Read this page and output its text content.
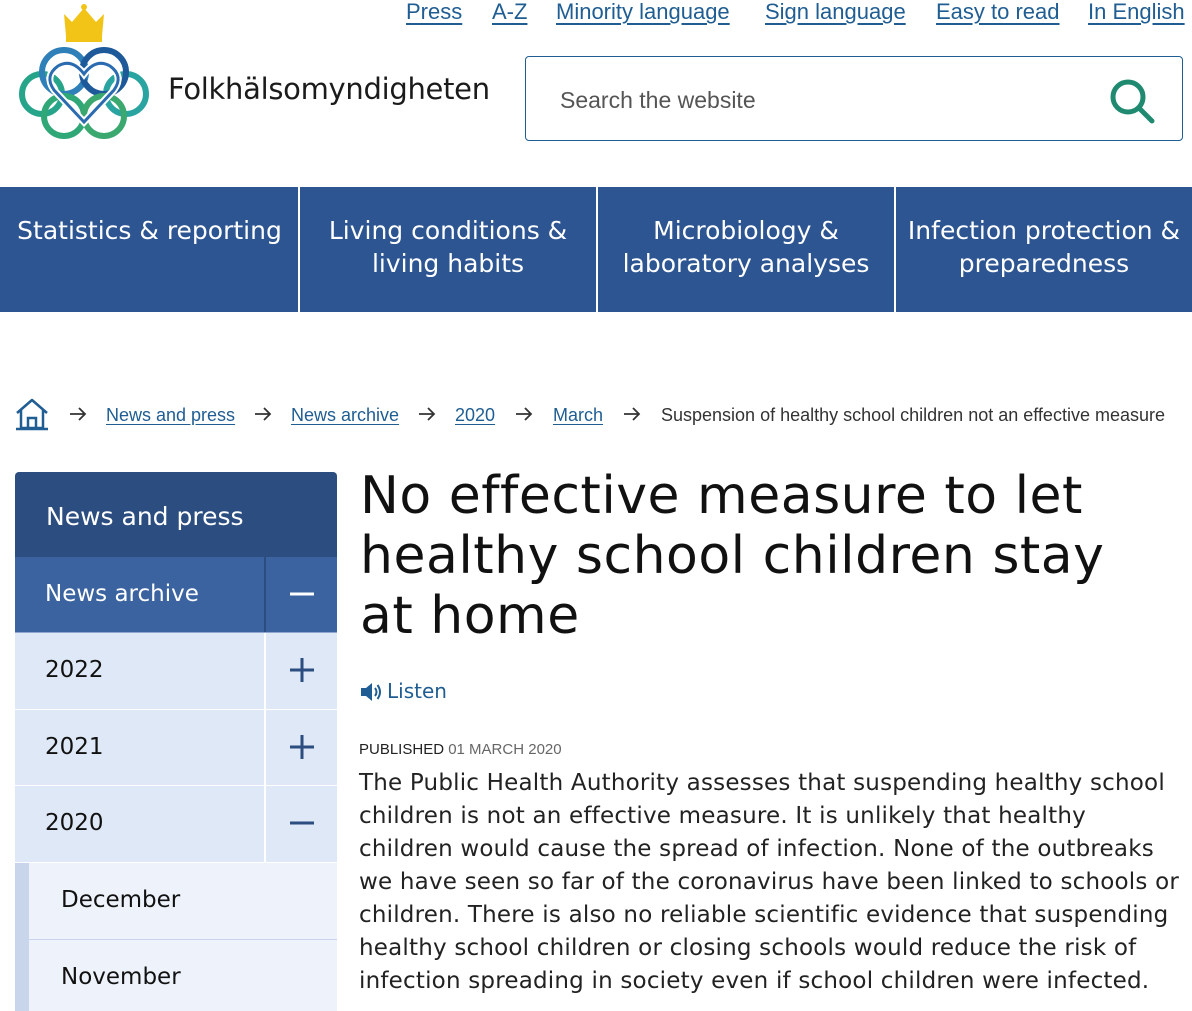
Press A-Z Minority language Sign language Easy to read In English
Folkhälsomyndigheten
Search the website
Statistics & reporting	Living conditions & living habits
Microbiology & laboratory analyses
Infection protection & preparedness
News and press	News archive	2020	March	Suspension of healthy school children not an effective measure
News and press
News archive
2022
2021
2020
December
November
No effective measure to let healthy school children stay at home
Listen
PUBLISHED 01 MARCH 2020

The Public Health Authority assesses that suspending healthy school children is not an effective measure. It is unlikely that healthy children would cause the spread of infection. None of the outbreaks we have seen so far of the coronavirus have been linked to schools or children. There is also no reliable scientific evidence that suspending healthy school children or closing schools would reduce the risk of infection spreading in society even if school children were infected.
